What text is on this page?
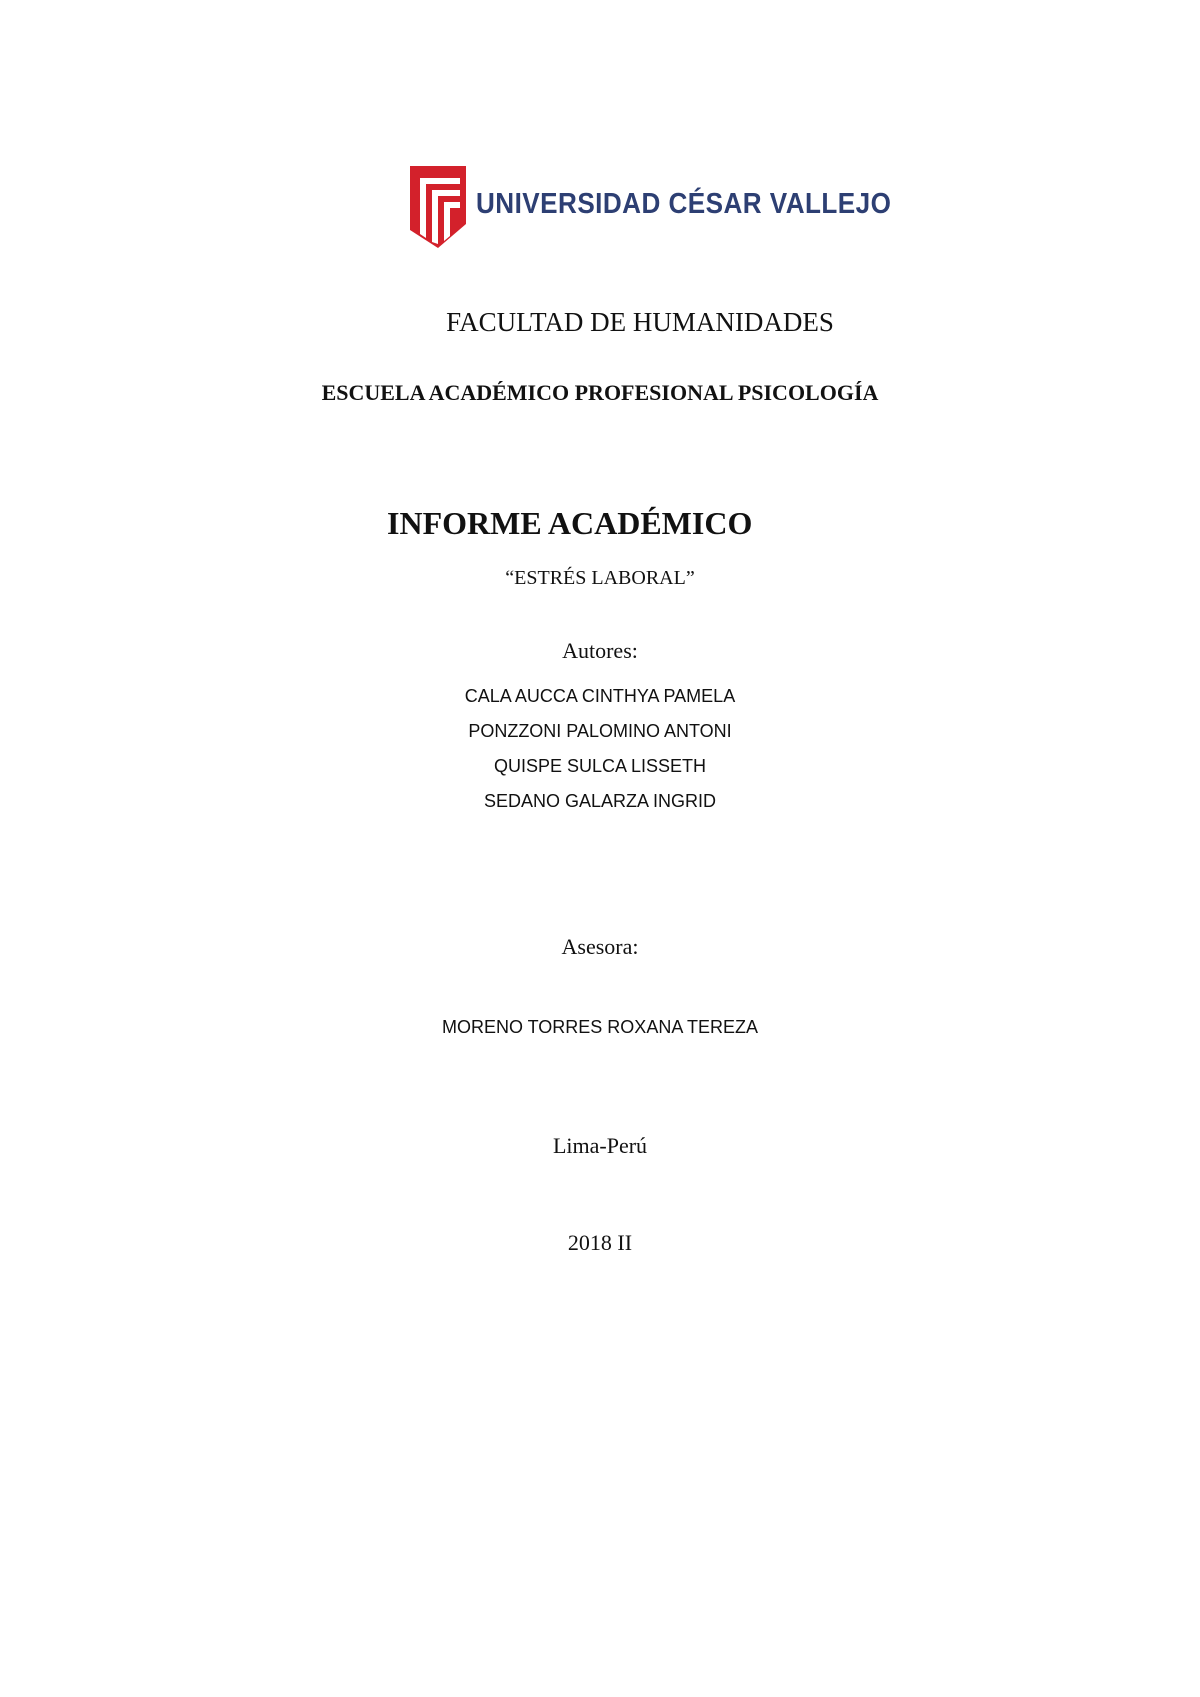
UNIVERSIDAD CÉSAR VALLEJO
FACULTAD DE HUMANIDADES
ESCUELA ACADÉMICO PROFESIONAL PSICOLOGÍA
INFORME ACADÉMICO
“ESTRÉS LABORAL”
Autores:
CALA AUCCA CINTHYA PAMELA
PONZZONI PALOMINO ANTONI
QUISPE SULCA LISSETH
SEDANO GALARZA INGRID
Asesora:
MORENO TORRES ROXANA TEREZA
Lima-Perú
2018 II
